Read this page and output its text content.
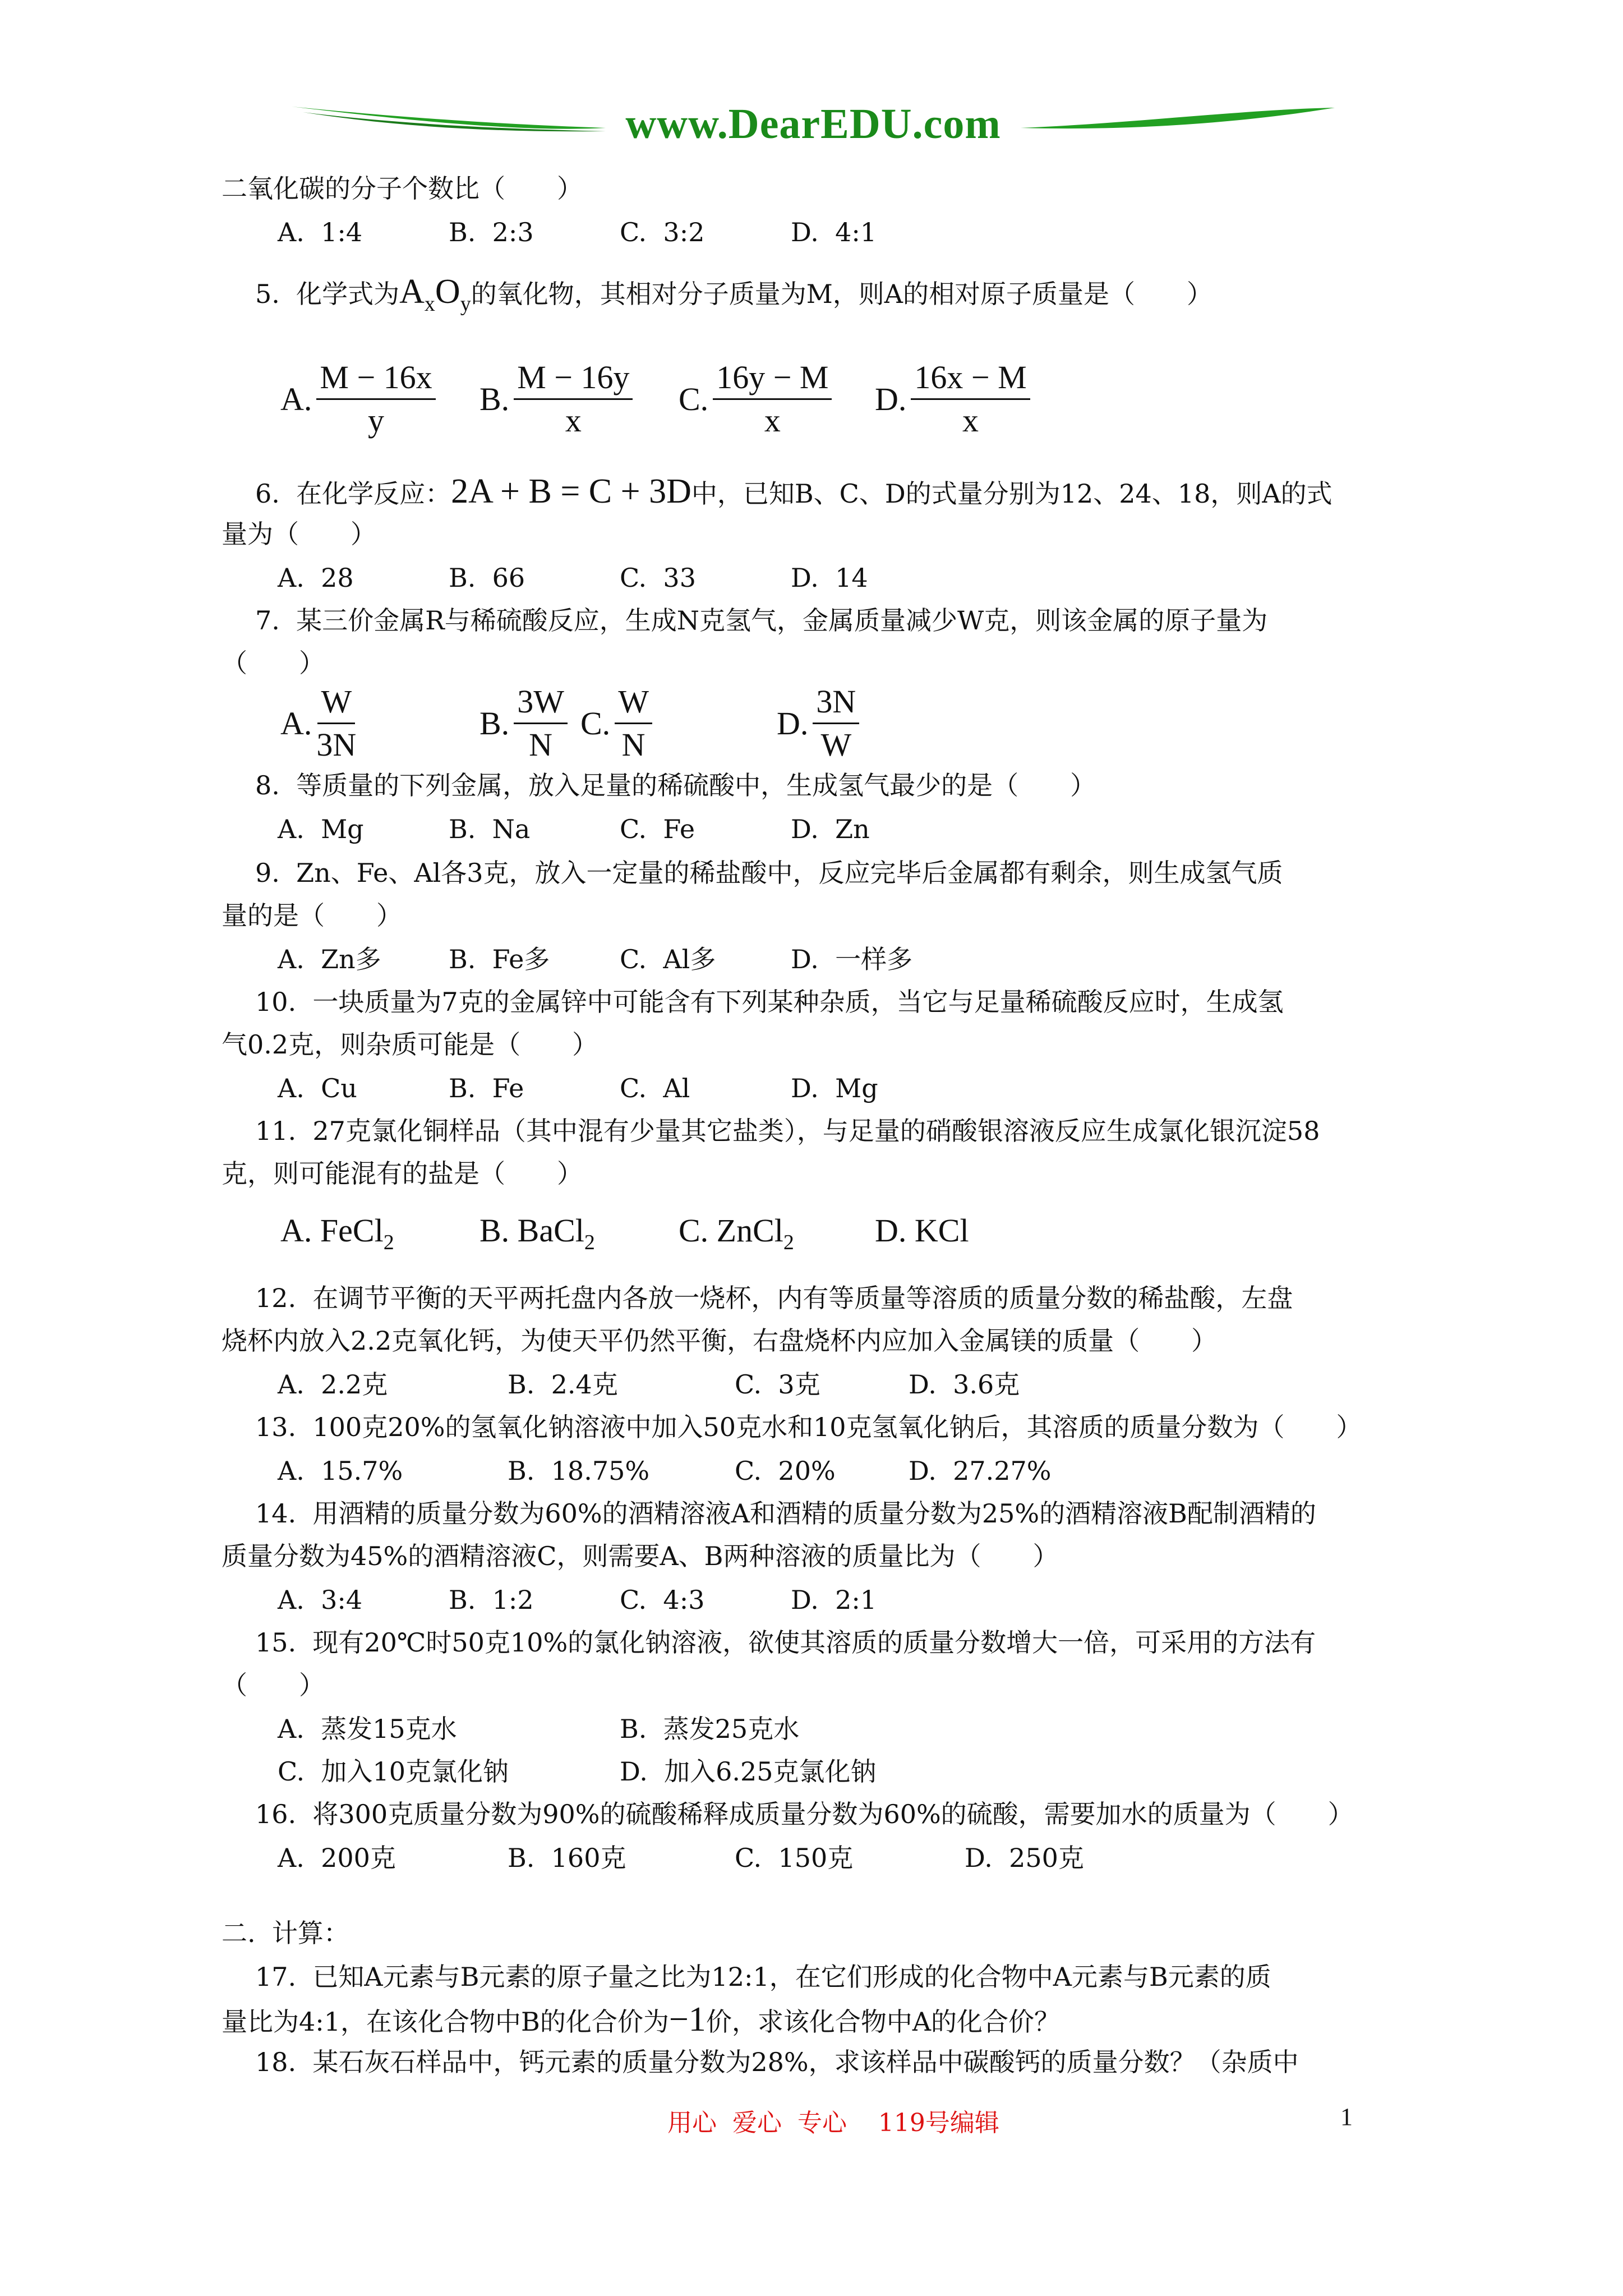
www.DearEDU.com
二氧化碳的分子个数比（　　）
A.  1:4	B.  2:3	C.  3:2	D.  4:1
5.  化学式为$A_xO_y$的氧化物，其相对分子质量为M，则A的相对原子质量是（　　）
A. $\frac{M - 16x}{y} B$. $\frac{M - 16y}{x} C$. $\frac{16y - M}{x} D$. $\frac{16x - M}{x}$
6.  在化学反应：2A + B = C + 3D中，已知B、C、D的式量分别为12、24、18，则A的式
量为（　　）
A.  28	B.  66	C.  33	D.  14
7.  某三价金属R与稀硫酸反应，生成N克氢气，金属质量减少W克，则该金属的原子量为
（　　）
A. $\frac{W}{3N}$	B. $\frac{3W}{N} C$. $\frac{W}{N}$	D. $\frac{3N}{W}$
8.  等质量的下列金属，放入足量的稀硫酸中，生成氢气最少的是（　　）
A.  Mg	B.  Na	C.  Fe	D.  Zn
9.  Zn、Fe、Al各3克，放入一定量的稀盐酸中，反应完毕后金属都有剩余，则生成氢气质
量的是（　　）
A.  Zn多	B.  Fe多	C.  Al多	D.  一样多
10.  一块质量为7克的金属锌中可能含有下列某种杂质，当它与足量稀硫酸反应时，生成氢
气0.2克，则杂质可能是（　　）
A.  Cu	B.  Fe	C.  Al	D.  Mg
11.  27克氯化铜样品（其中混有少量其它盐类），与足量的硝酸银溶液反应生成氯化银沉淀58
克，则可能混有的盐是（　　）
A. FeCl$_2$	B. BaCl$_2$	C. ZnCl$_2$ D. KCl
12.  在调节平衡的天平两托盘内各放一烧杯，内有等质量等溶质的质量分数的稀盐酸，左盘
烧杯内放入2.2克氧化钙，为使天平仍然平衡，右盘烧杯内应加入金属镁的质量（　　）
A.  2.2克	B.  2.4克	C.  3克	D.  3.6克
13.  100克20%的氢氧化钠溶液中加入50克水和10克氢氧化钠后，其溶质的质量分数为（　　）
A.  15.7%	B.  18.75%	C.  20%	D.  27.27%
14.  用酒精的质量分数为60%的酒精溶液A和酒精的质量分数为25%的酒精溶液B配制酒精的
质量分数为45%的酒精溶液C，则需要A、B两种溶液的质量比为（　　）
A.  3:4	B.  1:2	C.  4:3	D.  2:1
15.  现有20℃时50克10%的氯化钠溶液，欲使其溶质的质量分数增大一倍，可采用的方法有
（　　）
A.  蒸发15克水	B.  蒸发25克水
C.  加入10克氯化钠	D.  加入6.25克氯化钠
16.  将300克质量分数为90%的硫酸稀释成质量分数为60%的硫酸，需要加水的质量为（　　）
A.  200克	B.  160克	C.  150克	D.  250克
二.  计算：
17.  已知A元素与B元素的原子量之比为12:1，在它们形成的化合物中A元素与B元素的质
量比为4:1，在该化合物中B的化合价为−1价，求该化合物中A的化合价？
18.  某石灰石样品中，钙元素的质量分数为28%，求该样品中碳酸钙的质量分数？（杂质中
用心  爱心  专心    119号编辑	1
